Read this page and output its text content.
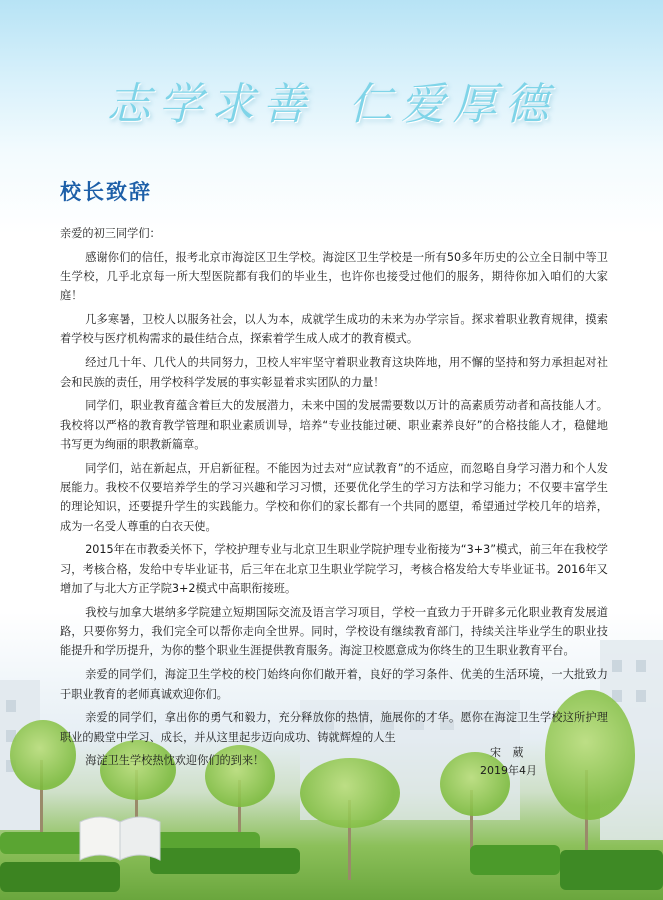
志学求善 仁爱厚德
校长致辞

亲爱的初三同学们：

感谢你们的信任，报考北京市海淀区卫生学校。海淀区卫生学校是一所有50多年历史的公立全日制中等卫生学校，几乎北京每一所大型医院都有我们的毕业生，也许你也接受过他们的服务，期待你加入咱们的大家庭！

几多寒暑，卫校人以服务社会，以人为本，成就学生成功的未来为办学宗旨。探求着职业教育规律，摸索着学校与医疗机构需求的最佳结合点，探索着学生成人成才的教育模式。

经过几十年、几代人的共同努力，卫校人牢牢坚守着职业教育这块阵地，用不懈的坚持和努力承担起对社会和民族的责任，用学校科学发展的事实彰显着求实团队的力量！

同学们，职业教育蕴含着巨大的发展潜力，未来中国的发展需要数以万计的高素质劳动者和高技能人才。我校将以严格的教育教学管理和职业素质训导，培养“专业技能过硬、职业素养良好”的合格技能人才，稳健地书写更为绚丽的职教新篇章。

同学们，站在新起点，开启新征程。不能因为过去对“应试教育”的不适应，而忽略自身学习潜力和个人发展能力。我校不仅要培养学生的学习兴趣和学习习惯，还要优化学生的学习方法和学习能力；不仅要丰富学生的理论知识，还要提升学生的实践能力。学校和你们的家长都有一个共同的愿望，希望通过学校几年的培养，成为一名受人尊重的白衣天使。

2015年在市教委关怀下，学校护理专业与北京卫生职业学院护理专业衔接为“3+3”模式，前三年在我校学习，考核合格，发给中专毕业证书，后三年在北京卫生职业学院学习，考核合格发给大专毕业证书。2016年又增加了与北大方正学院3+2模式中高职衔接班。

我校与加拿大堪纳多学院建立短期国际交流及语言学习项目，学校一直致力于开辟多元化职业教育发展道路，只要你努力，我们完全可以帮你走向全世界。同时，学校设有继续教育部门，持续关注毕业学生的职业技能提升和学历提升，为你的整个职业生涯提供教育服务。海淀卫校愿意成为你终生的卫生职业教育平台。

亲爱的同学们，海淀卫生学校的校门始终向你们敞开着，良好的学习条件、优美的生活环境，一大批致力于职业教育的老师真诚欢迎你们。

亲爱的同学们，拿出你的勇气和毅力，充分释放你的热情，施展你的才华。愿你在海淀卫生学校这所护理职业的殿堂中学习、成长，并从这里起步迈向成功、铸就辉煌的人生

海淀卫生学校热忱欢迎你们的到来！

宋 葳
2019年4月
